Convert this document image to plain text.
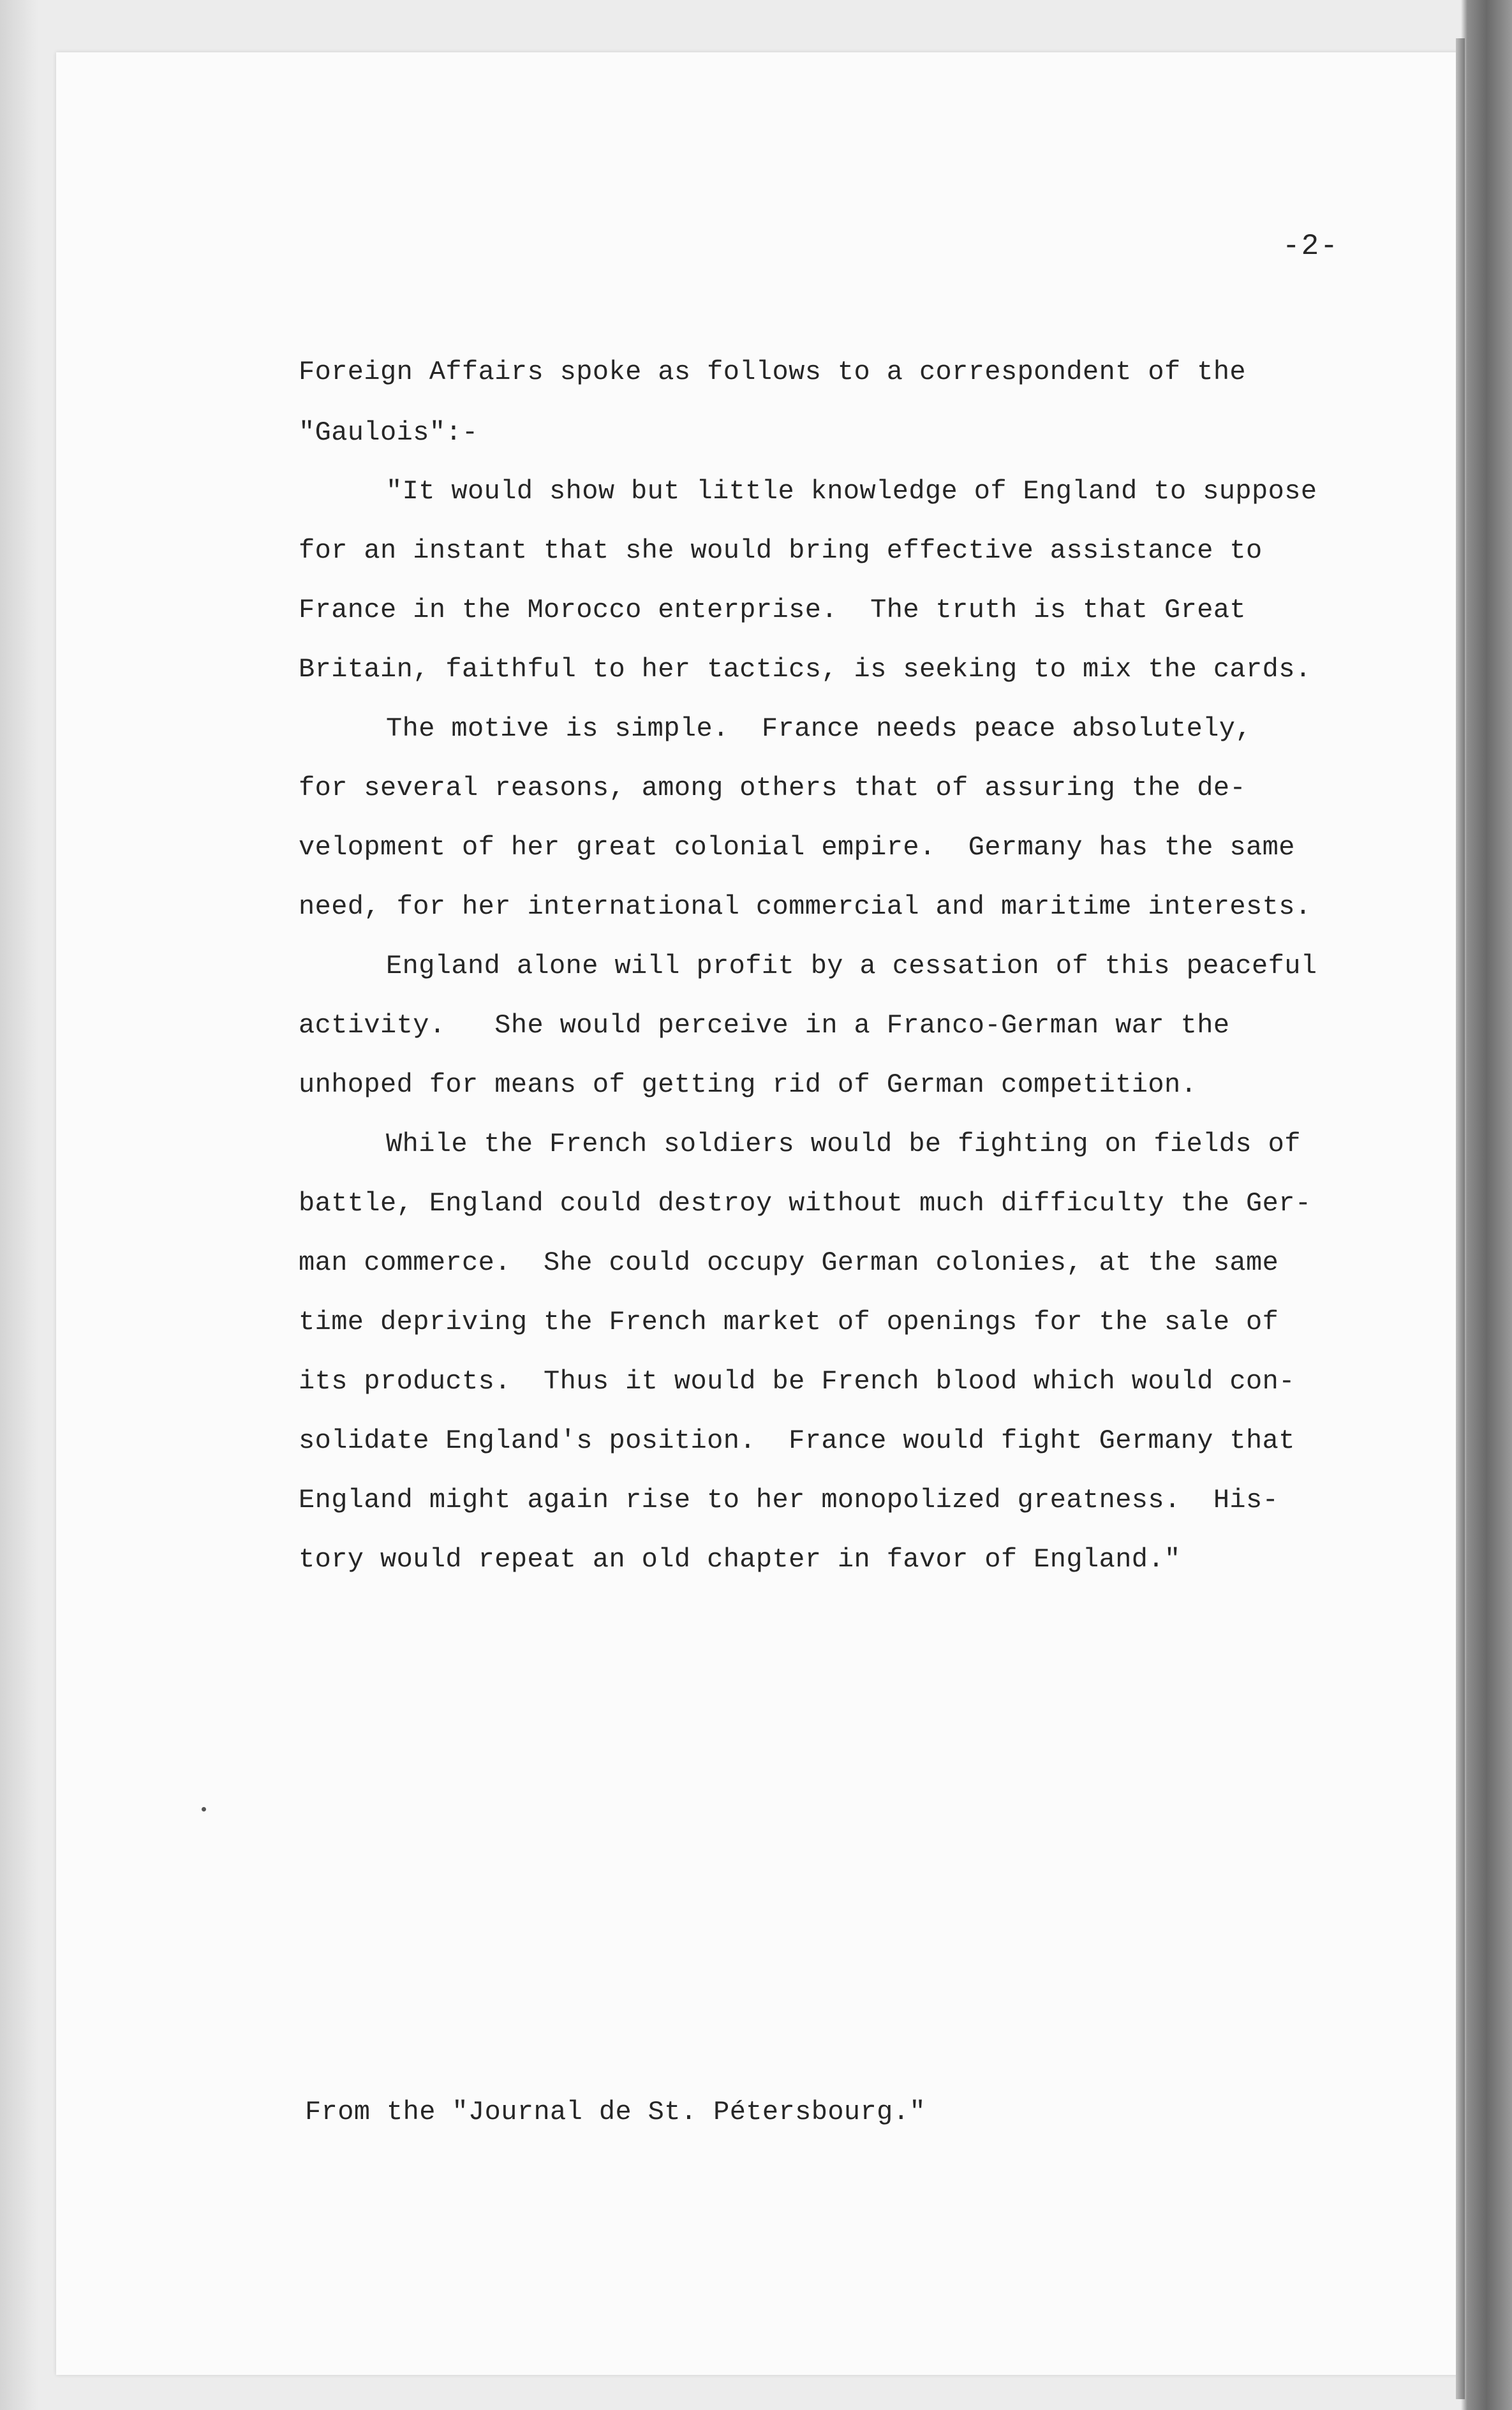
-2-
Foreign Affairs spoke as follows to a correspondent of the
"Gaulois":-
"It would show but little knowledge of England to suppose
for an instant that she would bring effective assistance to
France in the Morocco enterprise.  The truth is that Great
Britain, faithful to her tactics, is seeking to mix the cards.
The motive is simple.  France needs peace absolutely,
for several reasons, among others that of assuring the de-
velopment of her great colonial empire.  Germany has the same
need, for her international commercial and maritime interests.
England alone will profit by a cessation of this peaceful
activity.   She would perceive in a Franco-German war the
unhoped for means of getting rid of German competition.
While the French soldiers would be fighting on fields of
battle, England could destroy without much difficulty the Ger-
man commerce.  She could occupy German colonies, at the same
time depriving the French market of openings for the sale of
its products.  Thus it would be French blood which would con-
solidate England's position.  France would fight Germany that
England might again rise to her monopolized greatness.  His-
tory would repeat an old chapter in favor of England."
From the "Journal de St. Pétersbourg."
